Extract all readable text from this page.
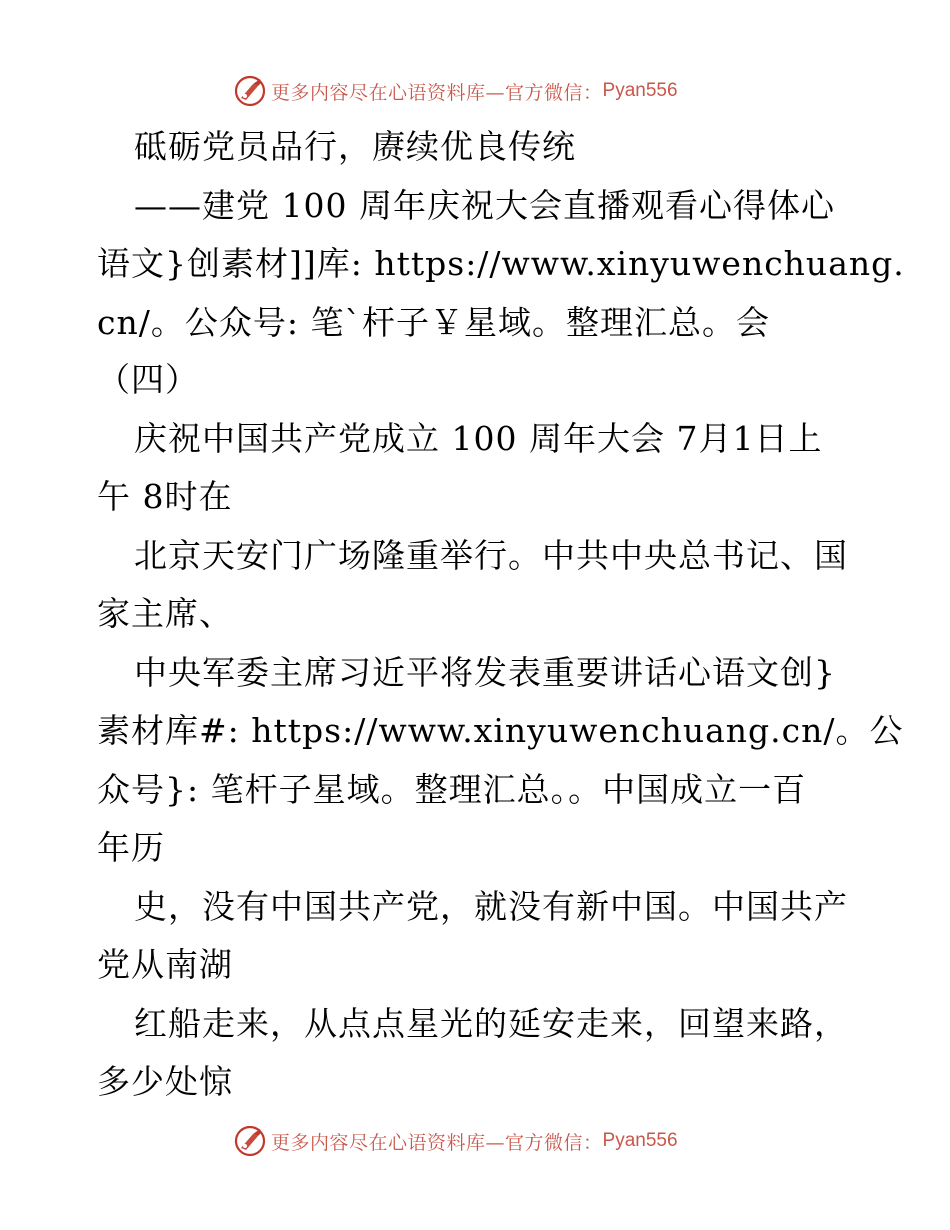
更多内容尽在心语资料库—官方微信： Pyan556
砥砺党员品行，赓续优良传统
——建党 100 周年庆祝大会直播观看心得体心
语文}创素材]]库: https://www.xinyuwenchuang.
cn/。公众号: 笔`杆子￥星域。整理汇总。会
（四）
庆祝中国共产党成立 100 周年大会 7月1日上
午 8时在
北京天安门广场隆重举行。中共中央总书记、国
家主席、
中央军委主席习近平将发表重要讲话心语文创}
素材库#: https://www.xinyuwenchuang.cn/。公
众号}: 笔杆子星域。整理汇总。。中国成立一百
年历
史，没有中国共产党，就没有新中国。中国共产
党从南湖
红船走来，从点点星光的延安走来，回望来路，
多少处惊
更多内容尽在心语资料库—官方微信： Pyan556
